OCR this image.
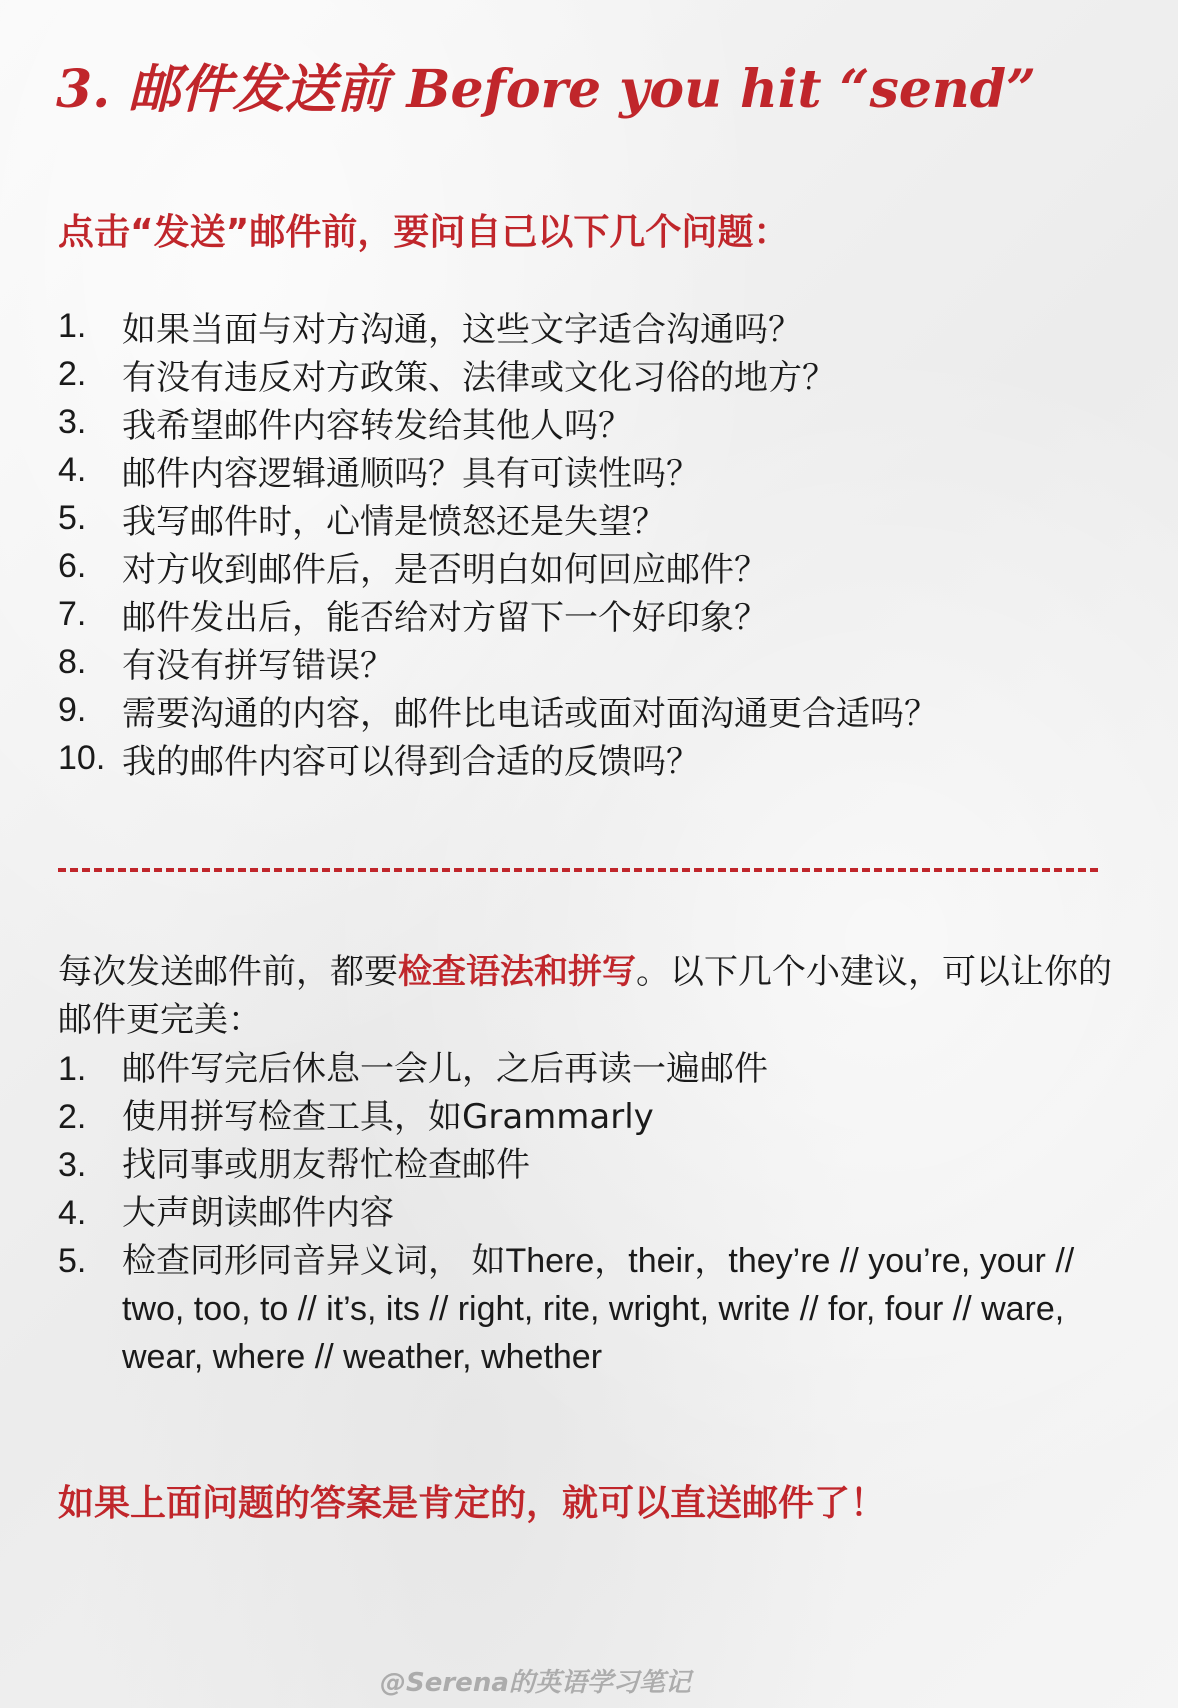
3. 邮件发送前 Before you hit “send”
点击“发送”邮件前，要问自己以下几个问题：
1.	如果当面与对方沟通，这些文字适合沟通吗？
2.	有没有违反对方政策、法律或文化习俗的地方？
3.	我希望邮件内容转发给其他人吗？
4.	邮件内容逻辑通顺吗？具有可读性吗？
5.	我写邮件时，心情是愤怒还是失望？
6.	对方收到邮件后，是否明白如何回应邮件？
7.	邮件发出后，能否给对方留下一个好印象？
8.	有没有拼写错误？
9.	需要沟通的内容，邮件比电话或面对面沟通更合适吗？
10. 我的邮件内容可以得到合适的反馈吗？
每次发送邮件前，都要检查语法和拼写。以下几个小建议，可以让你的邮件更完美：
1.	邮件写完后休息一会儿，之后再读一遍邮件
2.	使用拼写检查工具，如Grammarly
3.	找同事或朋友帮忙检查邮件
4.	大声朗读邮件内容
5.	检查同形同音异义词， 如There，their，they’re // you’re, your // two, too, to // it’s, its // right, rite, wright, write // for, four // ware, wear, where // weather, whether
如果上面问题的答案是肯定的，就可以直送邮件了！
@Serena的英语学习笔记
